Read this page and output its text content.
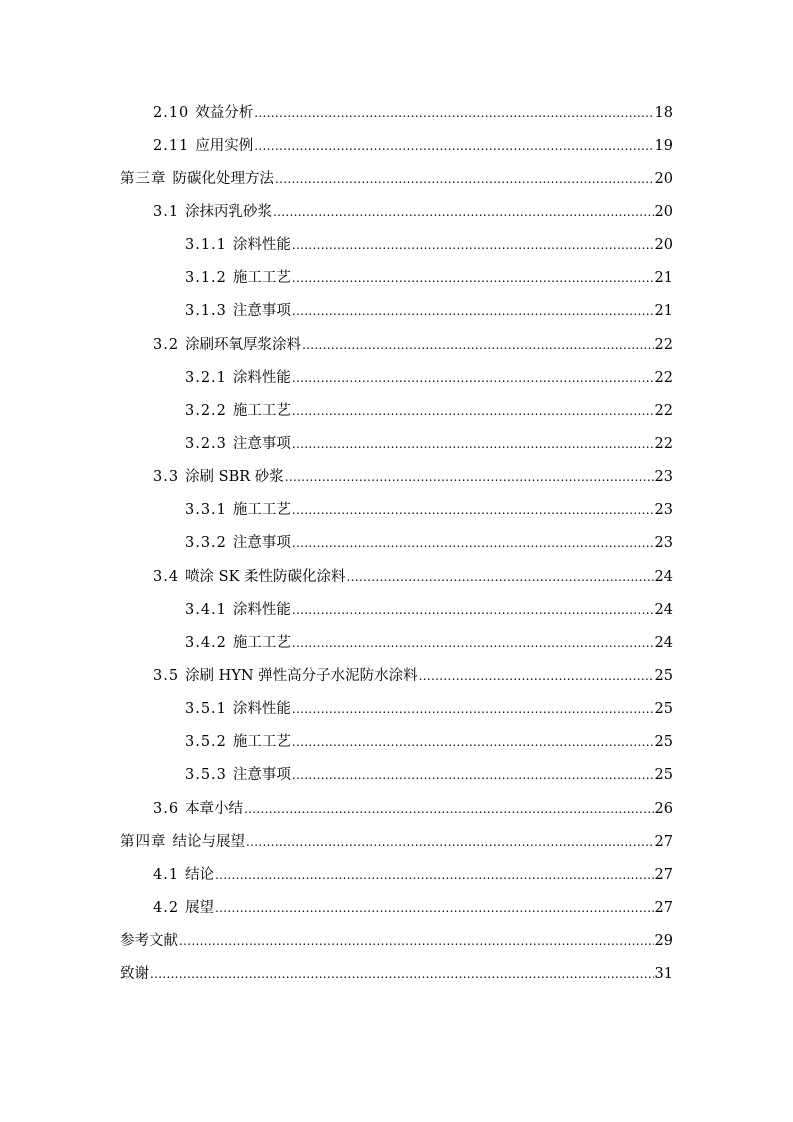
2.10 效益分析 .....	18
2.11 应用实例 .....	19
第三章 防碳化处理方法 .....	20
3.1 涂抹丙乳砂浆 .....	20
3.1.1 涂料性能 .....	20
3.1.2 施工工艺 .....	21
3.1.3 注意事项 .....	21
3.2 涂刷环氧厚浆涂料 .....	22
3.2.1 涂料性能 .....	22
3.2.2 施工工艺 .....	22
3.2.3 注意事项 .....	22
3.3 涂刷 SBR 砂浆 .....	23
3.3.1 施工工艺 .....	23
3.3.2 注意事项 .....	23
3.4 喷涂 SK 柔性防碳化涂料 .....	24
3.4.1 涂料性能 .....	24
3.4.2 施工工艺 .....	24
3.5 涂刷 HYN 弹性高分子水泥防水涂料 .....	25
3.5.1 涂料性能 .....	25
3.5.2 施工工艺 .....	25
3.5.3 注意事项 .....	25
3.6 本章小结 .....	26
第四章 结论与展望 .....	27
4.1 结论 .....	27
4.2 展望 .....	27
参考文献 .....	29
致谢 .....	31
